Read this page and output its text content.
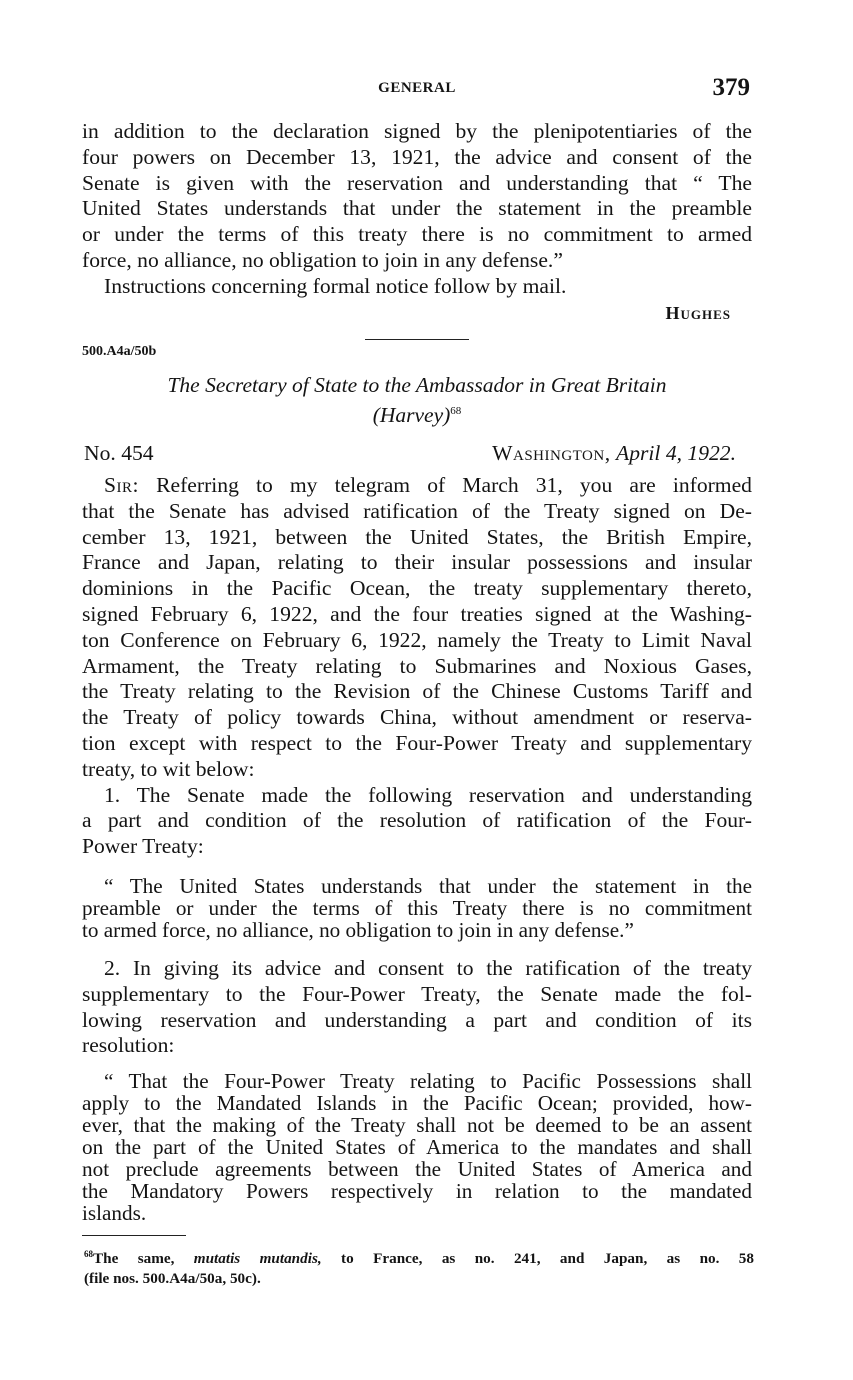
GENERAL	379
in addition to the declaration signed by the plenipotentiaries of the
four powers on December 13, 1921, the advice and consent of the
Senate is given with the reservation and understanding that “ The
United States understands that under the statement in the preamble
or under the terms of this treaty there is no commitment to armed
force, no alliance, no obligation to join in any defense.”
Instructions concerning formal notice follow by mail.
Hughes
500.A4a/50b
The Secretary of State to the Ambassador in Great Britain
(Harvey)$^{68}$
No. 454	Washington, April 4, 1922.
Sir: Referring to my telegram of March 31, you are informed
that the Senate has advised ratification of the Treaty signed on De-
cember 13, 1921, between the United States, the British Empire,
France and Japan, relating to their insular possessions and insular
dominions in the Pacific Ocean, the treaty supplementary thereto,
signed February 6, 1922, and the four treaties signed at the Washing-
ton Conference on February 6, 1922, namely the Treaty to Limit Naval
Armament, the Treaty relating to Submarines and Noxious Gases,
the Treaty relating to the Revision of the Chinese Customs Tariff and
the Treaty of policy towards China, without amendment or reserva-
tion except with respect to the Four-Power Treaty and supplementary
treaty, to wit below:
1. The Senate made the following reservation and understanding
a part and condition of the resolution of ratification of the Four-
Power Treaty:
“ The United States understands that under the statement in the
preamble or under the terms of this Treaty there is no commitment
to armed force, no alliance, no obligation to join in any defense.”
2. In giving its advice and consent to the ratification of the treaty
supplementary to the Four-Power Treaty, the Senate made the fol-
lowing reservation and understanding a part and condition of its
resolution:
“ That the Four-Power Treaty relating to Pacific Possessions shall
apply to the Mandated Islands in the Pacific Ocean; provided, how-
ever, that the making of the Treaty shall not be deemed to be an assent
on the part of the United States of America to the mandates and shall
not preclude agreements between the United States of America and
the Mandatory Powers respectively in relation to the mandated
islands.
$^{68}$The same, mutatis mutandis, to France, as no. 241, and Japan, as no. 58
(file nos. 500.A4a/50a, 50c).
